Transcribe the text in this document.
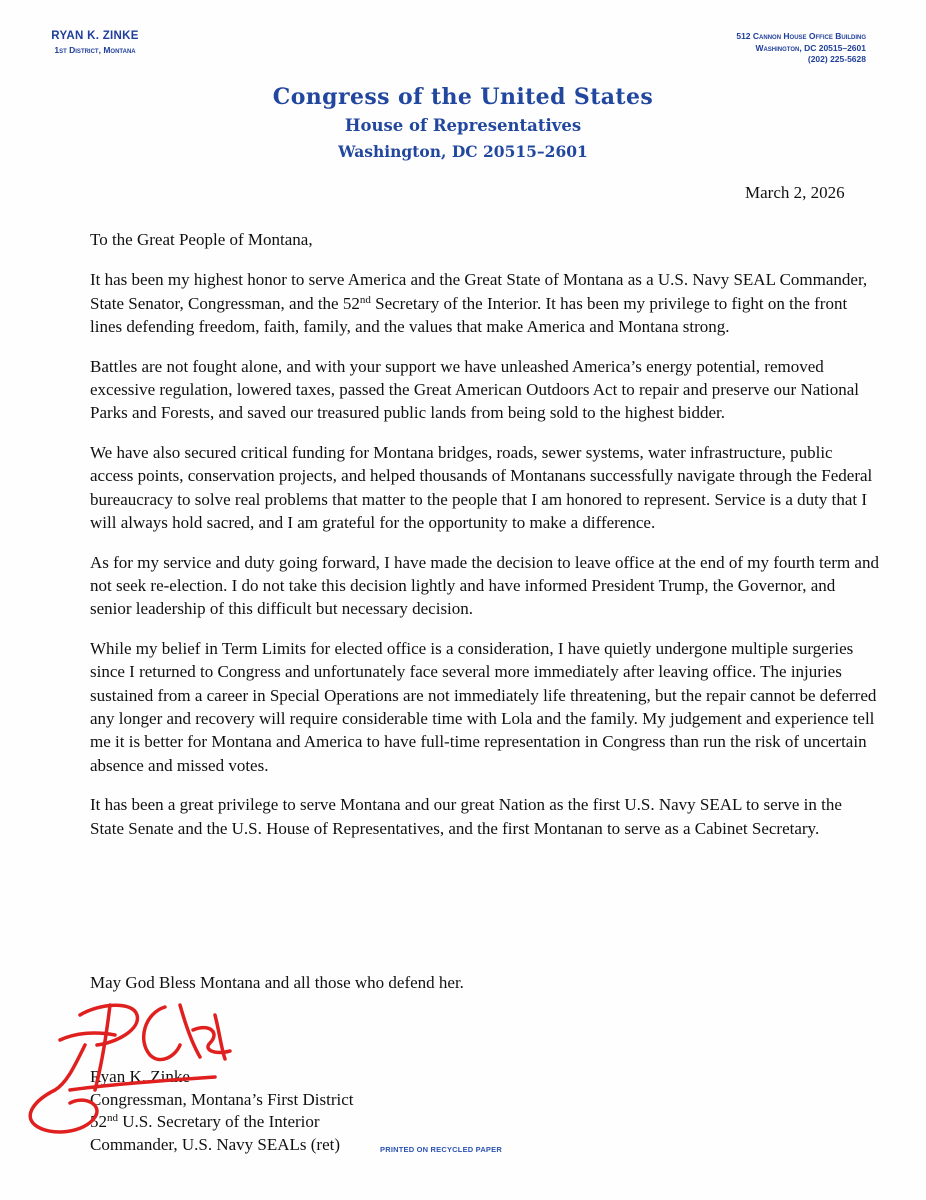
RYAN K. ZINKE
1st District, Montana
512 Cannon House Office Building
Washington, DC 20515–2601
(202) 225-5628
Congress of the United States
House of Representatives
Washington, DC 20515–2601
March 2, 2026

To the Great People of Montana,

It has been my highest honor to serve America and the Great State of Montana as a U.S. Navy SEAL Commander, State Senator, Congressman, and the 52nd Secretary of the Interior. It has been my privilege to fight on the front lines defending freedom, faith, family, and the values that make America and Montana strong.

Battles are not fought alone, and with your support we have unleashed America’s energy potential, removed excessive regulation, lowered taxes, passed the Great American Outdoors Act to repair and preserve our National Parks and Forests, and saved our treasured public lands from being sold to the highest bidder.

We have also secured critical funding for Montana bridges, roads, sewer systems, water infrastructure, public access points, conservation projects, and helped thousands of Montanans successfully navigate through the Federal bureaucracy to solve real problems that matter to the people that I am honored to represent. Service is a duty that I will always hold sacred, and I am grateful for the opportunity to make a difference.

As for my service and duty going forward, I have made the decision to leave office at the end of my fourth term and not seek re-election. I do not take this decision lightly and have informed President Trump, the Governor, and senior leadership of this difficult but necessary decision.

While my belief in Term Limits for elected office is a consideration, I have quietly undergone multiple surgeries since I returned to Congress and unfortunately face several more immediately after leaving office. The injuries sustained from a career in Special Operations are not immediately life threatening, but the repair cannot be deferred any longer and recovery will require considerable time with Lola and the family. My judgement and experience tell me it is better for Montana and America to have full-time representation in Congress than run the risk of uncertain absence and missed votes.

It has been a great privilege to serve Montana and our great Nation as the first U.S. Navy SEAL to serve in the State Senate and the U.S. House of Representatives, and the first Montanan to serve as a Cabinet Secretary.

May God Bless Montana and all those who defend her.
Ryan K. Zinke
Congressman, Montana’s First District
52nd U.S. Secretary of the Interior
Commander, U.S. Navy SEALs (ret)	PRINTED ON RECYCLED PAPER
